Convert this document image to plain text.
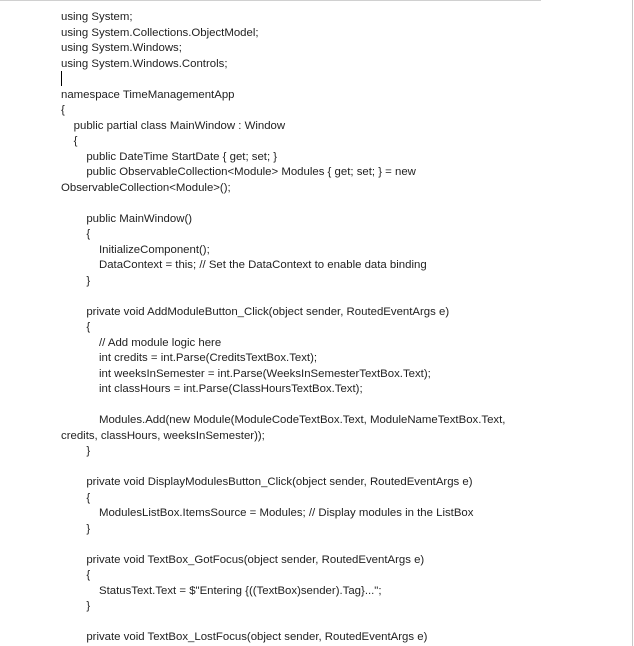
using System;
using System.Collections.ObjectModel;
using System.Windows;
using System.Windows.Controls;
namespace TimeManagementApp
{
public partial class MainWindow : Window
{
public DateTime StartDate { get; set; }
public ObservableCollection<Module> Modules { get; set; } = new
ObservableCollection<Module>();
public MainWindow()
{
InitializeComponent();
DataContext = this; // Set the DataContext to enable data binding
}
private void AddModuleButton_Click(object sender, RoutedEventArgs e)
{
// Add module logic here
int credits = int.Parse(CreditsTextBox.Text);
int weeksInSemester = int.Parse(WeeksInSemesterTextBox.Text);
int classHours = int.Parse(ClassHoursTextBox.Text);
Modules.Add(new Module(ModuleCodeTextBox.Text, ModuleNameTextBox.Text,
credits, classHours, weeksInSemester));
}
private void DisplayModulesButton_Click(object sender, RoutedEventArgs e)
{
ModulesListBox.ItemsSource = Modules; // Display modules in the ListBox
}
private void TextBox_GotFocus(object sender, RoutedEventArgs e)
{
StatusText.Text = $"Entering {((TextBox)sender).Tag}...";
}
private void TextBox_LostFocus(object sender, RoutedEventArgs e)
